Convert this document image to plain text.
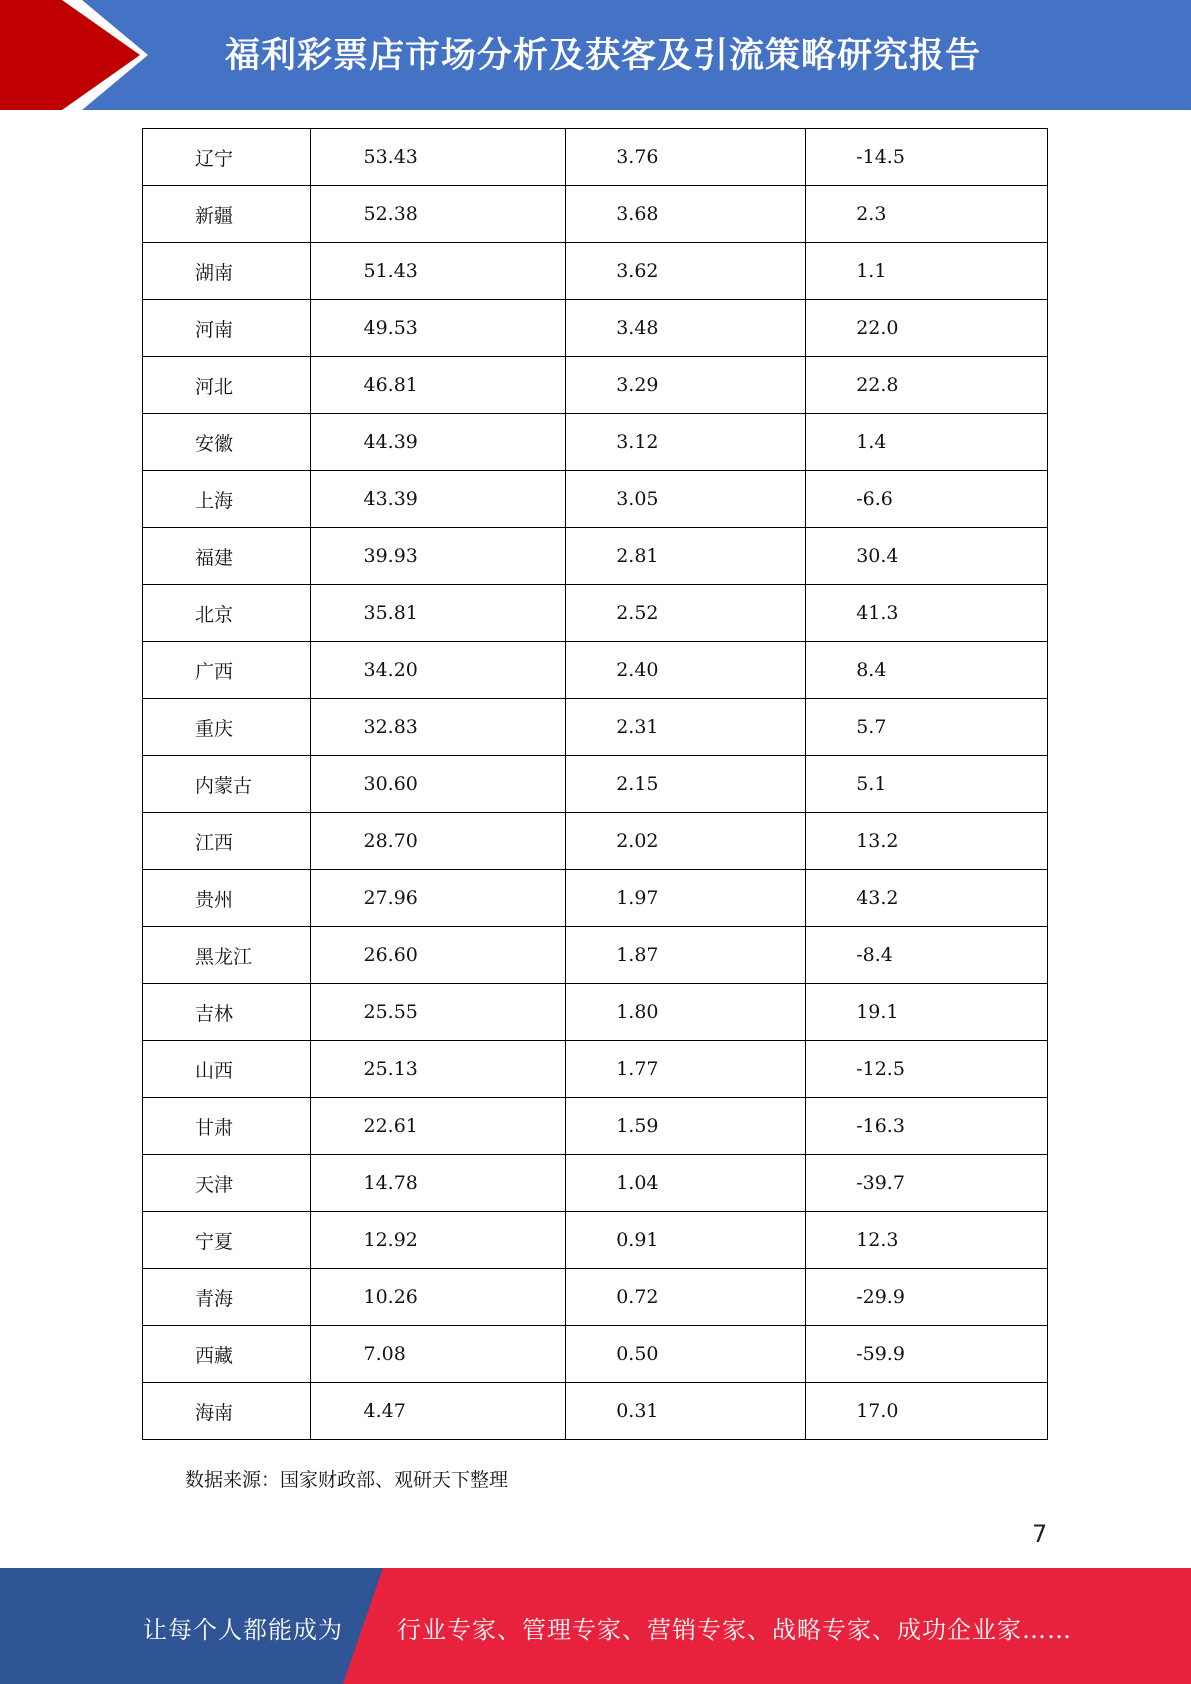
福利彩票店市场分析及获客及引流策略研究报告
辽宁	53.43	3.76	-14.5
新疆	52.38	3.68	2.3
湖南	51.43	3.62	1.1
河南	49.53	3.48	22.0
河北	46.81	3.29	22.8
安徽	44.39	3.12	1.4
上海	43.39	3.05	-6.6
福建	39.93	2.81	30.4
北京	35.81	2.52	41.3
广西	34.20	2.40	8.4
重庆	32.83	2.31	5.7
内蒙古	30.60	2.15	5.1
江西	28.70	2.02	13.2
贵州	27.96	1.97	43.2
黑龙江	26.60	1.87	-8.4
吉林	25.55	1.80	19.1
山西	25.13	1.77	-12.5
甘肃	22.61	1.59	-16.3
天津	14.78	1.04	-39.7
宁夏	12.92	0.91	12.3
青海	10.26	0.72	-29.9
西藏	7.08	0.50	-59.9
海南	4.47	0.31	17.0
数据来源：国家财政部、观研天下整理
7
让每个人都能成为 行业专家、管理专家、营销专家、战略专家、成功企业家……
